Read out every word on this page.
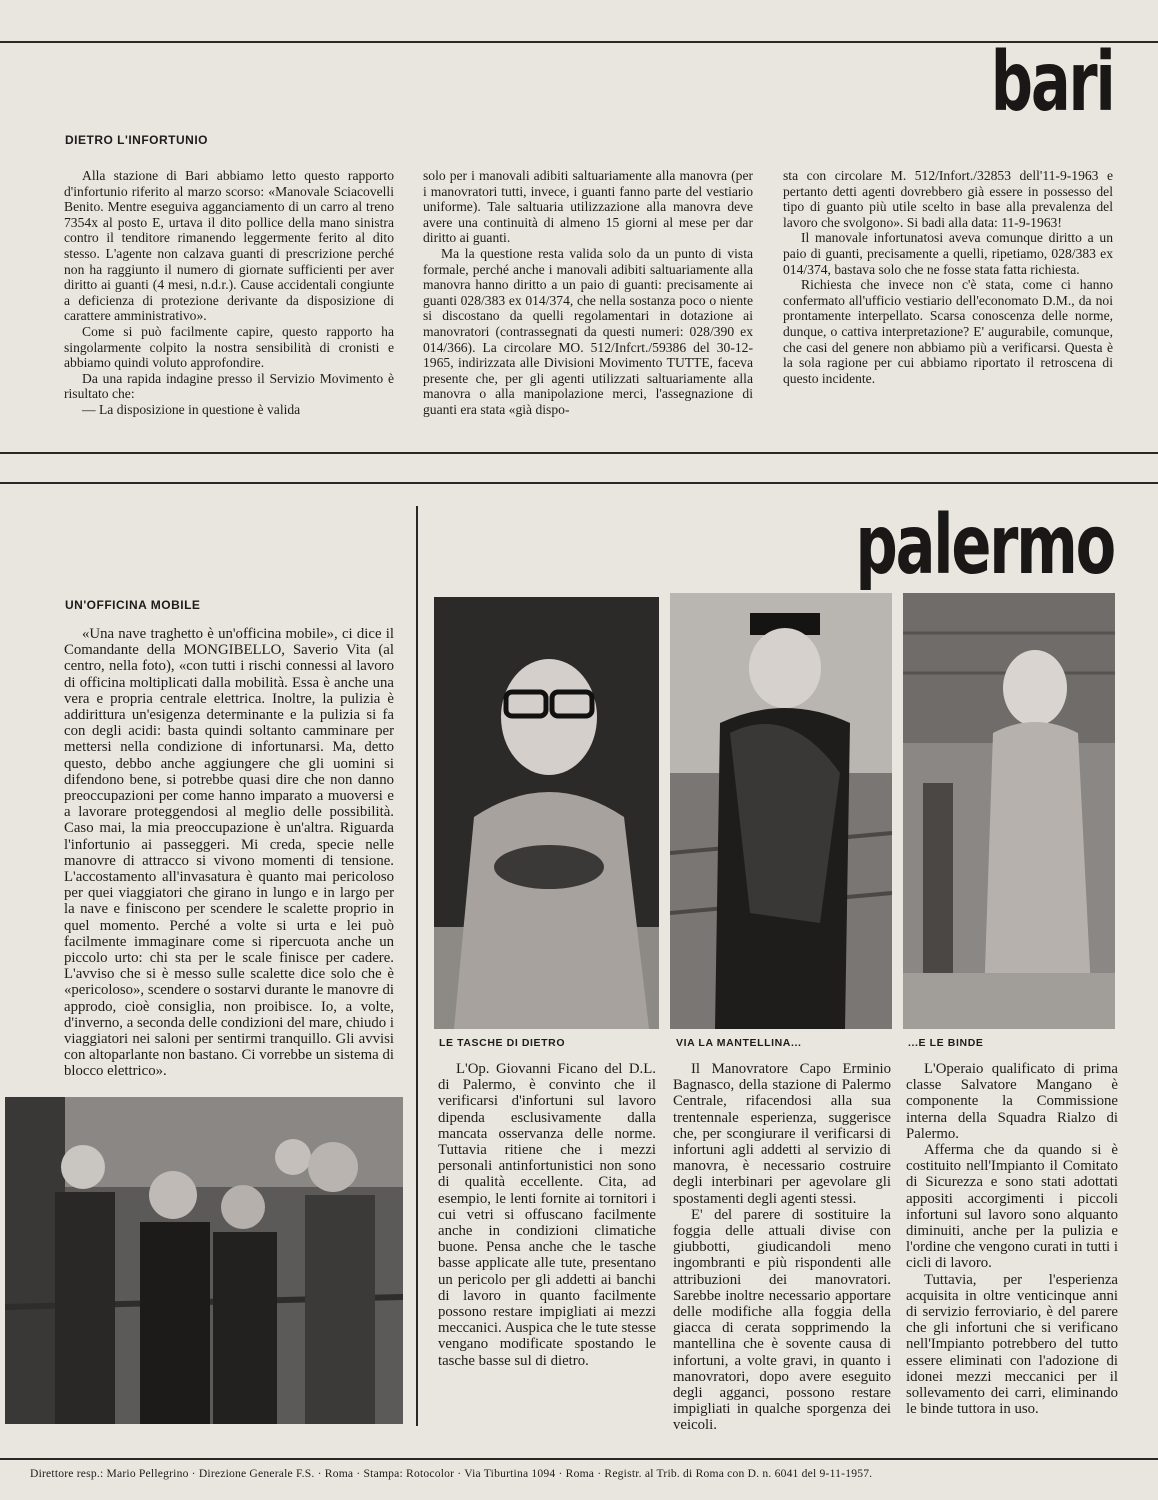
bari
DIETRO L'INFORTUNIO

Alla stazione di Bari abbiamo letto questo rapporto d'infortunio riferito al marzo scorso: «Manovale Sciacovelli Benito. Mentre eseguiva agganciamento di un carro al treno 7354x al posto E, urtava il dito pollice della mano sinistra contro il tenditore rimanendo leggermente ferito al dito stesso. L'agente non calzava guanti di prescrizione perché non ha raggiunto il numero di giornate sufficienti per aver diritto ai guanti (4 mesi, n.d.r.). Cause accidentali congiunte a deficienza di protezione derivante da disposizione di carattere amministrativo».

Come si può facilmente capire, questo rapporto ha singolarmente colpito la nostra sensibilità di cronisti e abbiamo quindi voluto approfondire.

Da una rapida indagine presso il Servizio Movimento è risultato che:

— La disposizione in questione è valida

solo per i manovali adibiti saltuariamente alla manovra (per i manovratori tutti, invece, i guanti fanno parte del vestiario uniforme). Tale saltuaria utilizzazione alla manovra deve avere una continuità di almeno 15 giorni al mese per dar diritto ai guanti.

Ma la questione resta valida solo da un punto di vista formale, perché anche i manovali adibiti saltuariamente alla manovra hanno diritto a un paio di guanti: precisamente ai guanti 028/383 ex 014/374, che nella sostanza poco o niente si discostano da quelli regolamentari in dotazione ai manovratori (contrassegnati da questi numeri: 028/390 ex 014/366). La circolare MO. 512/Infcrt./59386 del 30-12-1965, indirizzata alle Divisioni Movimento TUTTE, faceva presente che, per gli agenti utilizzati saltuariamente alla manovra o alla manipolazione merci, l'assegnazione di guanti era stata «già dispo-

sta con circolare M. 512/Infort./32853 dell'11-9-1963 e pertanto detti agenti dovrebbero già essere in possesso del tipo di guanto più utile scelto in base alla prevalenza del lavoro che svolgono». Si badi alla data: 11-9-1963!

Il manovale infortunatosi aveva comunque diritto a un paio di guanti, precisamente a quelli, ripetiamo, 028/383 ex 014/374, bastava solo che ne fosse stata fatta richiesta.

Richiesta che invece non c'è stata, come ci hanno confermato all'ufficio vestiario dell'economato D.M., da noi prontamente interpellato. Scarsa conoscenza delle norme, dunque, o cattiva interpretazione? E' augurabile, comunque, che casi del genere non abbiamo più a verificarsi. Questa è la sola ragione per cui abbiamo riportato il retroscena di questo incidente.

palermo
UN'OFFICINA MOBILE

«Una nave traghetto è un'officina mobile», ci dice il Comandante della MONGIBELLO, Saverio Vita (al centro, nella foto), «con tutti i rischi connessi al lavoro di officina moltiplicati dalla mobilità. Essa è anche una vera e propria centrale elettrica. Inoltre, la pulizia è addirittura un'esigenza determinante e la pulizia si fa con degli acidi: basta quindi soltanto camminare per mettersi nella condizione di infortunarsi. Ma, detto questo, debbo anche aggiungere che gli uomini si difendono bene, si potrebbe quasi dire che non danno preoccupazioni per come hanno imparato a muoversi e a lavorare proteggendosi al meglio delle possibilità. Caso mai, la mia preoccupazione è un'altra. Riguarda l'infortunio ai passeggeri. Mi creda, specie nelle manovre di attracco si vivono momenti di tensione. L'accostamento all'invasatura è quanto mai pericoloso per quei viaggiatori che girano in lungo e in largo per la nave e finiscono per scendere le scalette proprio in quel momento. Perché a volte si urta e lei può facilmente immaginare come si ripercuota anche un piccolo urto: chi sta per le scale finisce per cadere. L'avviso che si è messo sulle scalette dice solo che è «pericoloso», scendere o sostarvi durante le manovre di approdo, cioè consiglia, non proibisce. Io, a volte, d'inverno, a seconda delle condizioni del mare, chiudo i viaggiatori nei saloni per sentirmi tranquillo. Gli avvisi con altoparlante non bastano. Ci vorrebbe un sistema di blocco elettrico».

LE TASCHE DI DIETRO	VIA LA MANTELLINA...	...E LE BINDE

L'Op. Giovanni Ficano del D.L. di Palermo, è convinto che il verificarsi d'infortuni sul lavoro dipenda esclusivamente dalla mancata osservanza delle norme. Tuttavia ritiene che i mezzi personali antinfortunistici non sono di qualità eccellente. Cita, ad esempio, le lenti fornite ai tornitori i cui vetri si offuscano facilmente anche in condizioni climatiche buone. Pensa anche che le tasche basse applicate alle tute, presentano un pericolo per gli addetti ai banchi di lavoro in quanto facilmente possono restare impigliati ai mezzi meccanici. Auspica che le tute stesse vengano modificate spostando le tasche basse sul di dietro.

Il Manovratore Capo Erminio Bagnasco, della stazione di Palermo Centrale, rifacendosi alla sua trentennale esperienza, suggerisce che, per scongiurare il verificarsi di infortuni agli addetti al servizio di manovra, è necessario costruire degli interbinari per agevolare gli spostamenti degli agenti stessi.

E' del parere di sostituire la foggia delle attuali divise con giubbotti, giudicandoli meno ingombranti e più rispondenti alle attribuzioni dei manovratori. Sarebbe inoltre necessario apportare delle modifiche alla foggia della giacca di cerata sopprimendo la mantellina che è sovente causa di infortuni, a volte gravi, in quanto i manovratori, dopo avere eseguito degli agganci, possono restare impigliati in qualche sporgenza dei veicoli.

L'Operaio qualificato di prima classe Salvatore Mangano è componente la Commissione interna della Squadra Rialzo di Palermo.

Afferma che da quando si è costituito nell'Impianto il Comitato di Sicurezza e sono stati adottati appositi accorgimenti i piccoli infortuni sul lavoro sono alquanto diminuiti, anche per la pulizia e l'ordine che vengono curati in tutti i cicli di lavoro.

Tuttavia, per l'esperienza acquisita in oltre venticinque anni di servizio ferroviario, è del parere che gli infortuni che si verificano nell'Impianto potrebbero del tutto essere eliminati con l'adozione di idonei mezzi meccanici per il sollevamento dei carri, eliminando le binde tuttora in uso.

Direttore resp.: Mario Pellegrino · Direzione Generale F.S. · Roma · Stampa: Rotocolor · Via Tiburtina 1094 · Roma · Registr. al Trib. di Roma con D. n. 6041 del 9-11-1957.
